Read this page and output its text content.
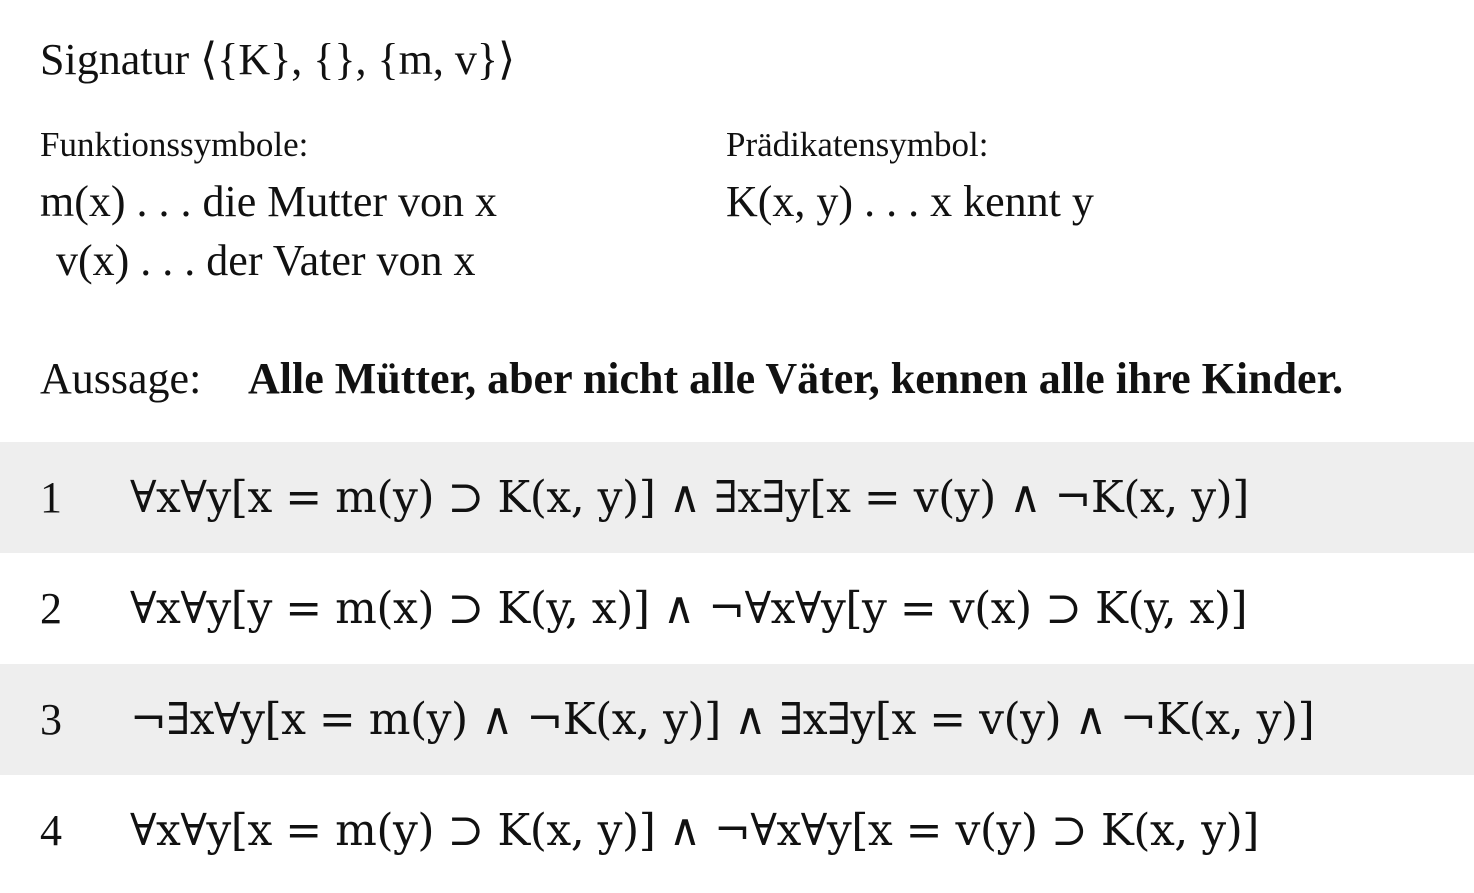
Signatur ⟨{K}, {}, {m, v}⟩
Funktionssymbole:
m(x) . . . die Mutter von x
v(x) . . . der Vater von x
Prädikatensymbol:
K(x, y) . . . x kennt y
Aussage: Alle Mütter, aber nicht alle Väter, kennen alle ihre Kinder.
1 ∀x∀y[x = m(y) ⊃ K(x, y)] ∧ ∃x∃y[x = v(y) ∧ ¬K(x, y)]
2 ∀x∀y[y = m(x) ⊃ K(y, x)] ∧ ¬∀x∀y[y = v(x) ⊃ K(y, x)]
3 ¬∃x∀y[x = m(y) ∧ ¬K(x, y)] ∧ ∃x∃y[x = v(y) ∧ ¬K(x, y)]
4 ∀x∀y[x = m(y) ⊃ K(x, y)] ∧ ¬∀x∀y[x = v(y) ⊃ K(x, y)]
